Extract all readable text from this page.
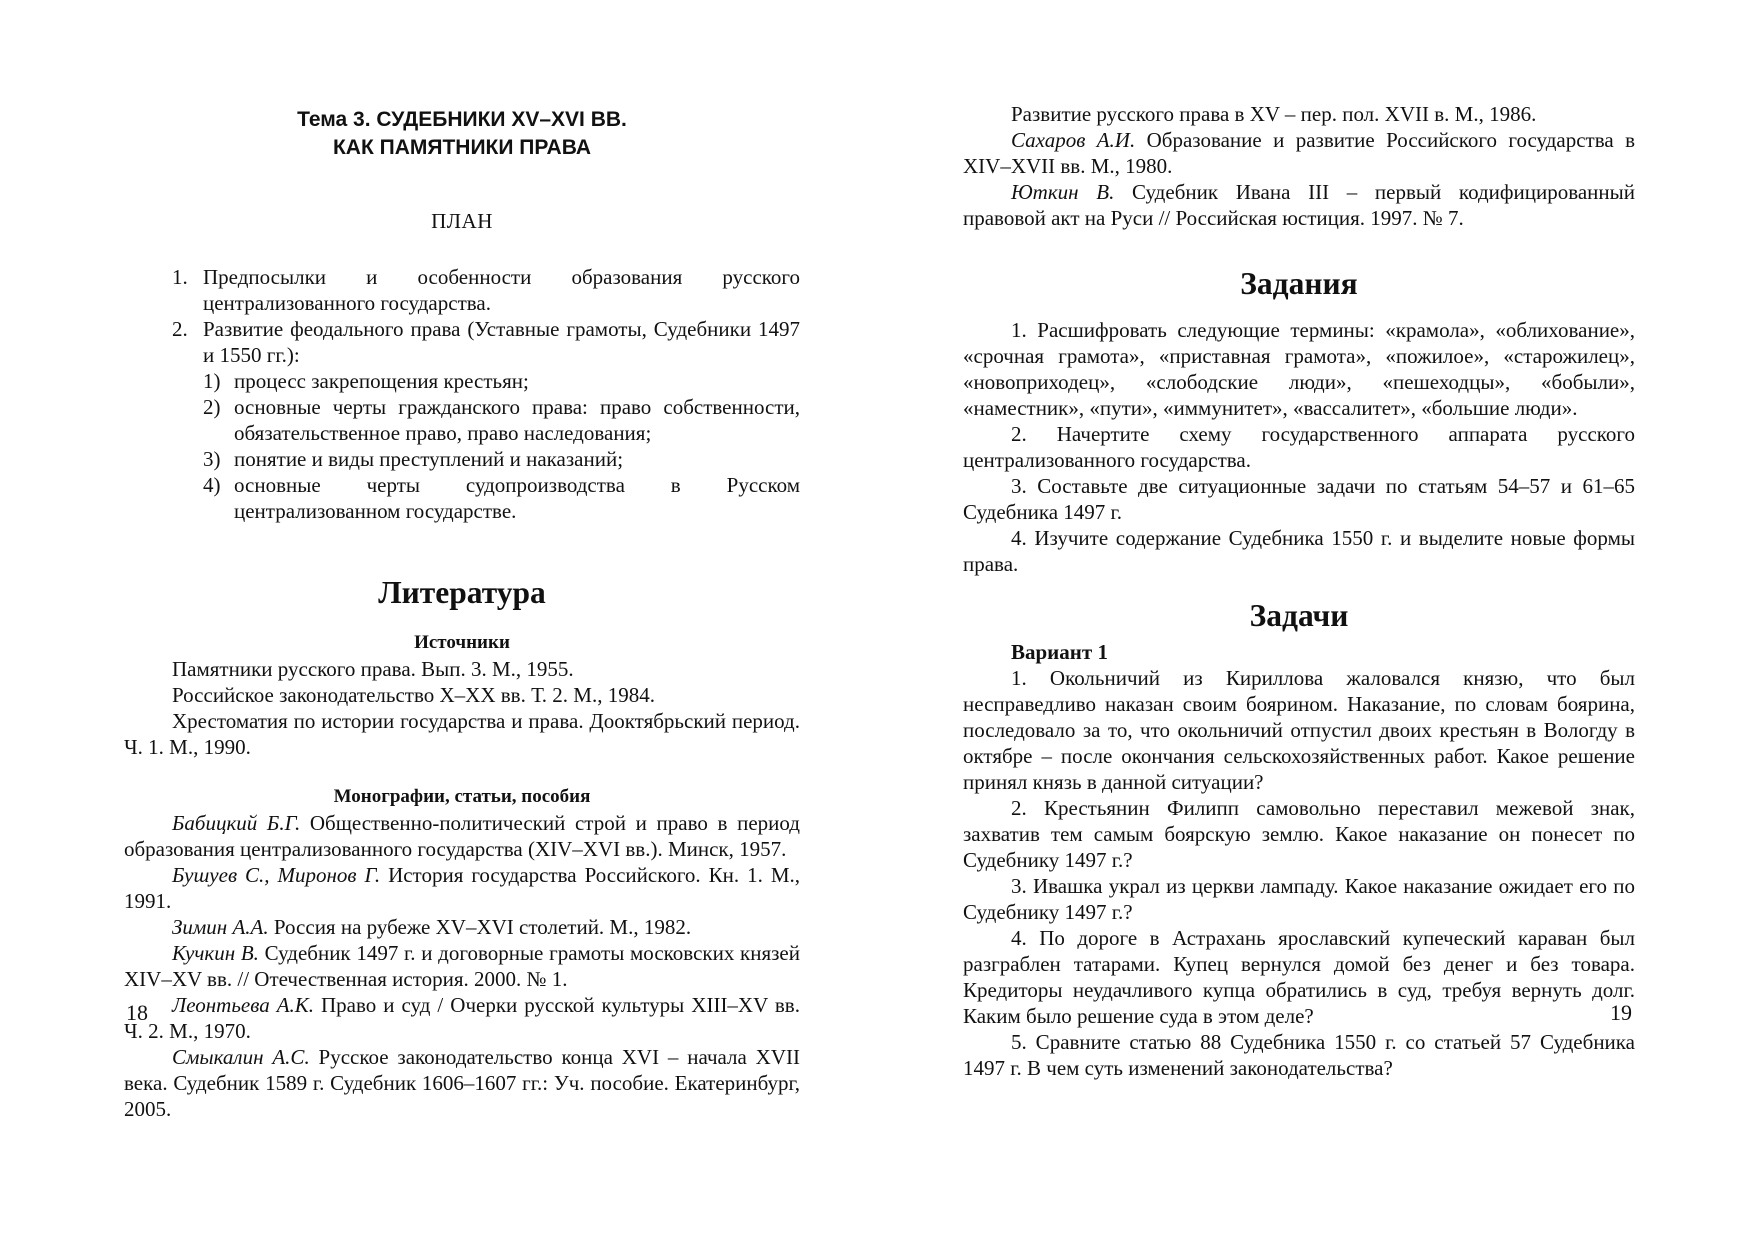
Тема 3. СУДЕБНИКИ XV–XVI ВВ.
КАК ПАМЯТНИКИ ПРАВА
ПЛАН
1. Предпосылки и особенности образования русского централизованного государства.
2. Развитие феодального права (Уставные грамоты, Судебники 1497 и 1550 гг.):
1) процесс закрепощения крестьян;
2) основные черты гражданского права: право собственности, обязательственное право, право наследования;
3) понятие и виды преступлений и наказаний;
4) основные черты судопроизводства в Русском централизованном государстве.
Литература
Источники

Памятники русского права. Вып. 3. М., 1955.

Российское законодательство X–XX вв. Т. 2. М., 1984.

Хрестоматия по истории государства и права. Дооктябрьский период. Ч. 1. М., 1990.

Монографии, статьи, пособия

Бабицкий Б.Г. Общественно-политический строй и право в период образования централизованного государства (XIV–XVI вв.). Минск, 1957.

Бушуев С., Миронов Г. История государства Российского. Кн. 1. М., 1991.

Зимин А.А. Россия на рубеже XV–XVI столетий. М., 1982.

Кучкин В. Судебник 1497 г. и договорные грамоты московских князей XIV–XV вв. // Отечественная история. 2000. № 1.

Леонтьева А.К. Право и суд / Очерки русской культуры XIII–XV вв. Ч. 2. М., 1970.

Смыкалин А.С. Русское законодательство конца XVI – начала XVII века. Судебник 1589 г. Судебник 1606–1607 гг.: Уч. пособие. Екатеринбург, 2005.

18

Развитие русского права в XV – пер. пол. XVII в. М., 1986.

Сахаров А.И. Образование и развитие Российского государства в XIV–XVII вв. М., 1980.

Юткин В. Судебник Ивана III – первый кодифицированный правовой акт на Руси // Российская юстиция. 1997. № 7.

Задания

1. Расшифровать следующие термины: «крамола», «облихование», «срочная грамота», «приставная грамота», «пожилое», «старожилец», «новоприходец», «слободские люди», «пешеходцы», «бобыли», «наместник», «пути», «иммунитет», «вассалитет», «большие люди».

2. Начертите схему государственного аппарата русского централизованного государства.

3. Составьте две ситуационные задачи по статьям 54–57 и 61–65 Судебника 1497 г.

4. Изучите содержание Судебника 1550 г. и выделите новые формы права.

Задачи

Вариант 1

1. Окольничий из Кириллова жаловался князю, что был несправедливо наказан своим боярином. Наказание, по словам боярина, последовало за то, что окольничий отпустил двоих крестьян в Вологду в октябре – после окончания сельскохозяйственных работ. Какое решение принял князь в данной ситуации?

2. Крестьянин Филипп самовольно переставил межевой знак, захватив тем самым боярскую землю. Какое наказание он понесет по Судебнику 1497 г.?

3. Ивашка украл из церкви лампаду. Какое наказание ожидает его по Судебнику 1497 г.?

4. По дороге в Астрахань ярославский купеческий караван был разграблен татарами. Купец вернулся домой без денег и без товара. Кредиторы неудачливого купца обратились в суд, требуя вернуть долг. Каким было решение суда в этом деле?

5. Сравните статью 88 Судебника 1550 г. со статьей 57 Судебника 1497 г. В чем суть изменений законодательства?

19
